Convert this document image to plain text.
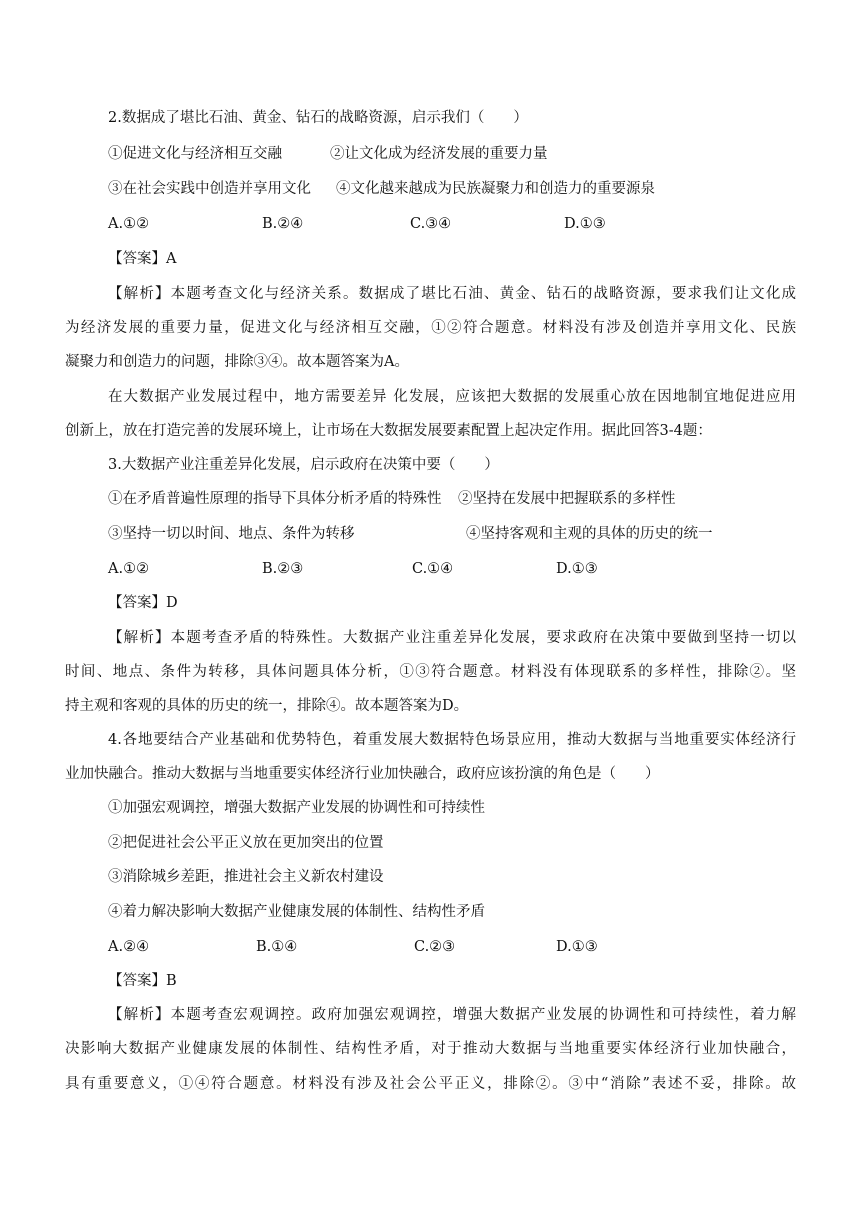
2.数据成了堪比石油、黄金、钻石的战略资源，启示我们（　　）
①促进文化与经济相互交融	②让文化成为经济发展的重要力量
③在社会实践中创造并享用文化 ④文化越来越成为民族凝聚力和创造力的重要源泉
A.①②	B.②④	C.③④	D.①③
【答案】A
【解析】本题考查文化与经济关系。数据成了堪比石油、黄金、钻石的战略资源，要求我们让文化成
为经济发展的重要力量，促进文化与经济相互交融，①②符合题意。材料没有涉及创造并享用文化、民族
凝聚力和创造力的问题，排除③④。故本题答案为A。
在大数据产业发展过程中，地方需要差异 化发展，应该把大数据的发展重心放在因地制宜地促进应用
创新上，放在打造完善的发展环境上，让市场在大数据发展要素配置上起决定作用。据此回答3-4题：
3.大数据产业注重差异化发展，启示政府在决策中要（　　）
①在矛盾普遍性原理的指导下具体分析矛盾的特殊性 ②坚持在发展中把握联系的多样性
③坚持一切以时间、地点、条件为转移	④坚持客观和主观的具体的历史的统一
A.①②	B.②③	C.①④	D.①③
【答案】D
【解析】本题考查矛盾的特殊性。大数据产业注重差异化发展，要求政府在决策中要做到坚持一切以
时间、地点、条件为转移，具体问题具体分析，①③符合题意。材料没有体现联系的多样性，排除②。坚
持主观和客观的具体的历史的统一，排除④。故本题答案为D。
4.各地要结合产业基础和优势特色，着重发展大数据特色场景应用，推动大数据与当地重要实体经济行
业加快融合。推动大数据与当地重要实体经济行业加快融合，政府应该扮演的角色是（　　）
①加强宏观调控，增强大数据产业发展的协调性和可持续性
②把促进社会公平正义放在更加突出的位置
③消除城乡差距，推进社会主义新农村建设
④着力解决影响大数据产业健康发展的体制性、结构性矛盾
A.②④	B.①④	C.②③	D.①③
【答案】B
【解析】本题考查宏观调控。政府加强宏观调控，增强大数据产业发展的协调性和可持续性，着力解
决影响大数据产业健康发展的体制性、结构性矛盾，对于推动大数据与当地重要实体经济行业加快融合，
具有重要意义，①④符合题意。材料没有涉及社会公平正义，排除②。③中“消除”表述不妥，排除。故
